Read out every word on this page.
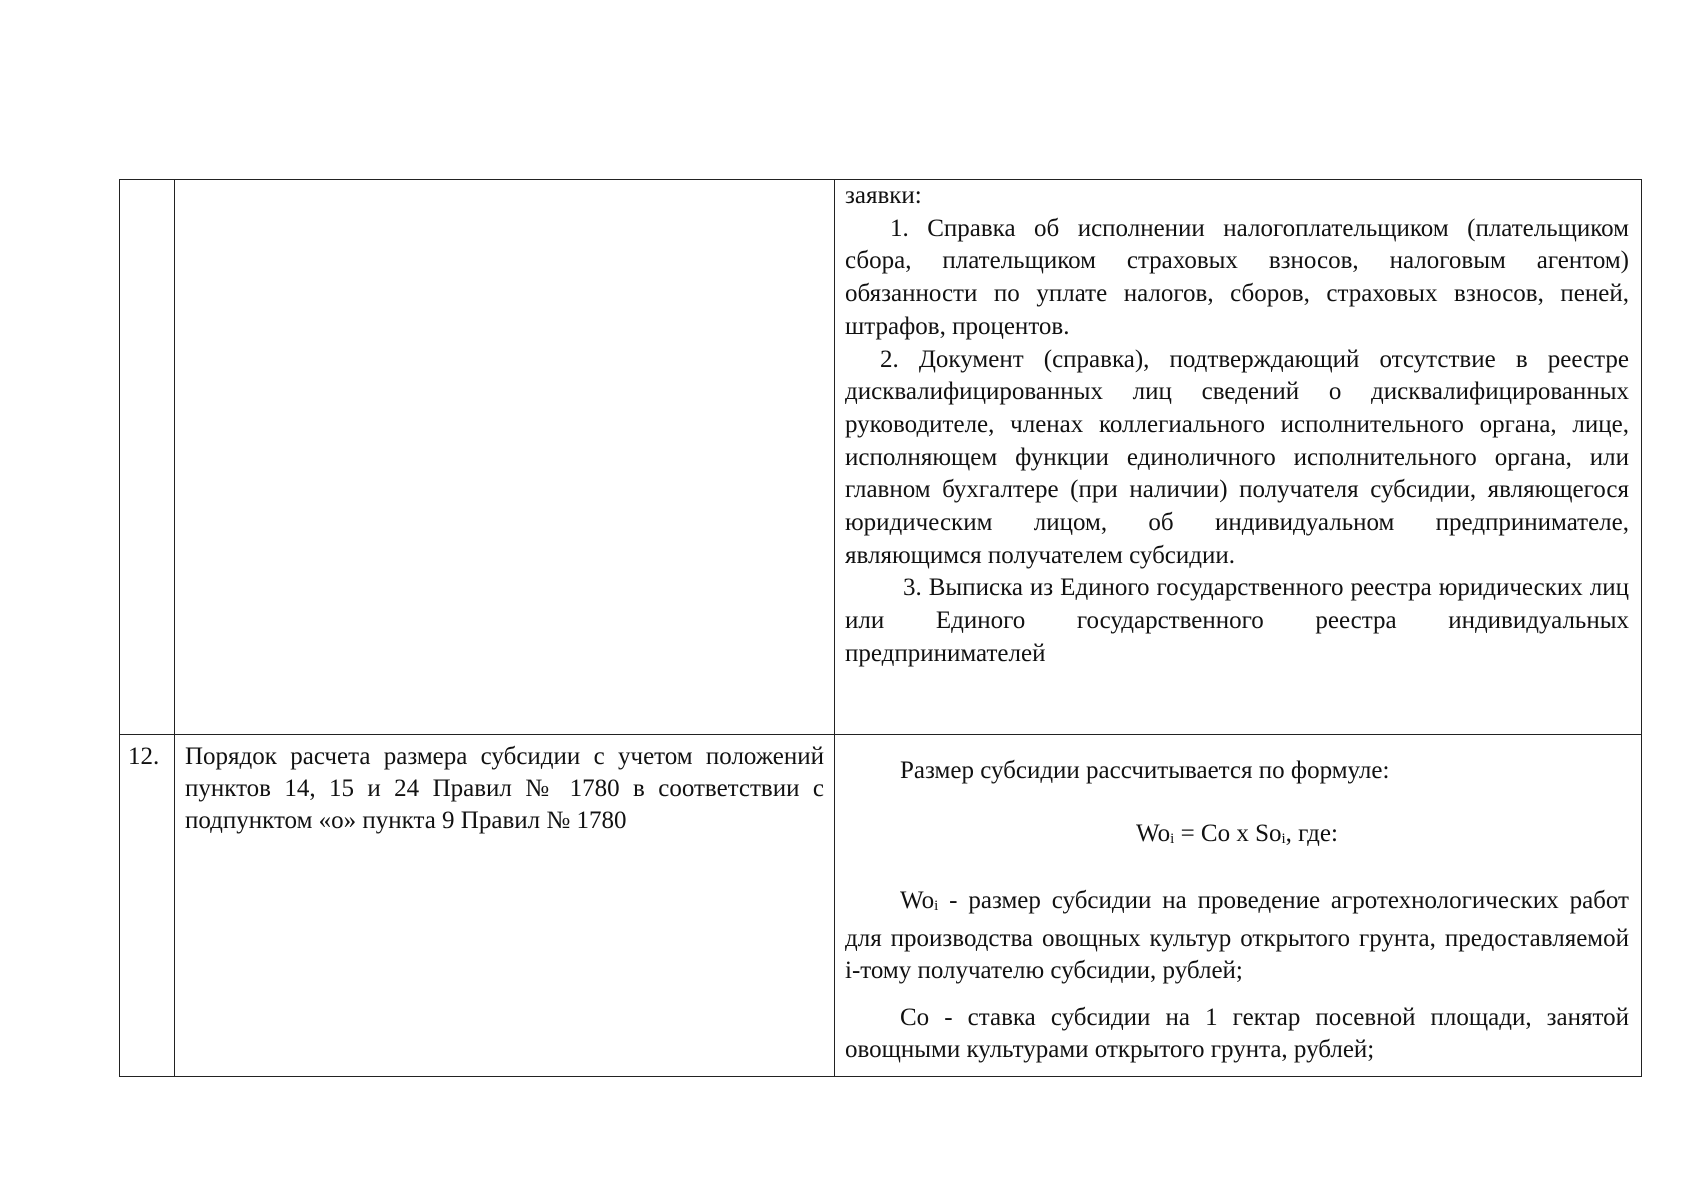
		заявки:

1. Справка об исполнении налогоплательщиком (плательщиком сбора, плательщиком страховых взносов, налоговым агентом) обязанности по уплате налогов, сборов, страховых взносов, пеней, штрафов, процентов.

2. Документ (справка), подтверждающий отсутствие в реестре дисквалифицированных лиц сведений о дисквалифицированных руководителе, членах коллегиального исполнительного органа, лице, исполняющем функции единоличного исполнительного органа, или главном бухгалтере (при наличии) получателя субсидии, являющегося юридическим лицом, об индивидуальном предпринимателе, являющимся получателем субсидии.

3. Выписка из Единого государственного реестра юридических лиц или Единого государственного реестра индивидуальных предпринимателей

12.	Порядок расчета размера субсидии с учетом положений пунктов 14, 15 и 24 Правил № 1780 в соответствии с подпунктом «о» пункта 9 Правил № 1780	Размер субсидии рассчитывается по формуле:

$Wo_i = Co$ x $So_i$, где:

$Wo_i$ - размер субсидии на проведение агротехнологических работ для производства овощных культур открытого грунта, предоставляемой i-тому получателю субсидии, рублей;

Co - ставка субсидии на 1 гектар посевной площади, занятой овощными культурами открытого грунта, рублей;
